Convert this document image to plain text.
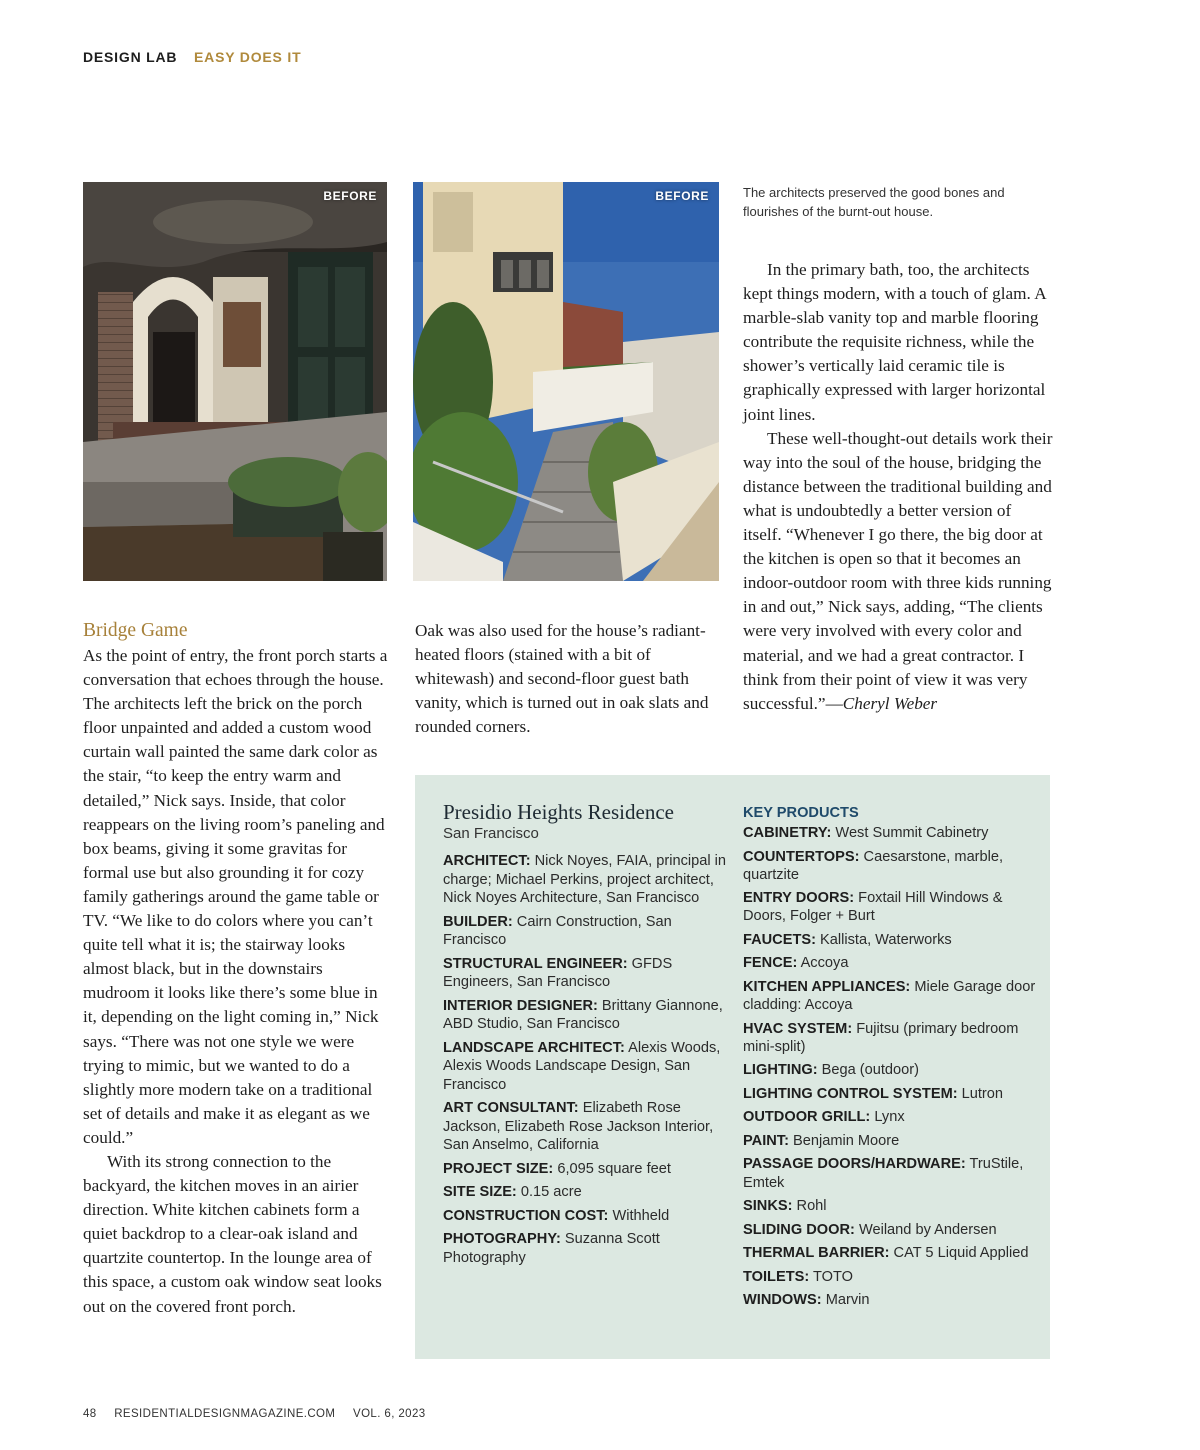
DESIGN LAB EASY DOES IT
BEFORE	BEFORE	The architects preserved the good bones and flourishes of the burnt-out house.
Bridge Game

As the point of entry, the front porch starts a conversation that echoes through the house. The architects left the brick on the porch floor unpainted and added a custom wood curtain wall painted the same dark color as the stair, “to keep the entry warm and detailed,” Nick says. Inside, that color reappears on the living room’s paneling and box beams, giving it some gravitas for formal use but also grounding it for cozy family gatherings around the game table or TV. “We like to do colors where you can’t quite tell what it is; the stairway looks almost black, but in the downstairs mudroom it looks like there’s some blue in it, depending on the light coming in,” Nick says. “There was not one style we were trying to mimic, but we wanted to do a slightly more modern take on a traditional set of details and make it as elegant as we could.”

With its strong connection to the backyard, the kitchen moves in an airier direction. White kitchen cabinets form a quiet backdrop to a clear-oak island and quartzite countertop. In the lounge area of this space, a custom oak window seat looks out on the covered front porch.

Oak was also used for the house’s radiant-heated floors (stained with a bit of whitewash) and second-floor guest bath vanity, which is turned out in oak slats and rounded corners.

In the primary bath, too, the architects kept things modern, with a touch of glam. A marble-slab vanity top and marble flooring contribute the requisite richness, while the shower’s vertically laid ceramic tile is graphically expressed with larger horizontal joint lines.

These well-thought-out details work their way into the soul of the house, bridging the distance between the traditional building and what is undoubtedly a better version of itself. “Whenever I go there, the big door at the kitchen is open so that it becomes an indoor-outdoor room with three kids running in and out,” Nick says, adding, “The clients were very involved with every color and material, and we had a great contractor. I think from their point of view it was very successful.”—Cheryl Weber

Presidio Heights Residence
San Francisco
ARCHITECT: Nick Noyes, FAIA, principal in charge; Michael Perkins, project architect, Nick Noyes Architecture, San Francisco
BUILDER: Cairn Construction, San Francisco
STRUCTURAL ENGINEER: GFDS Engineers, San Francisco
INTERIOR DESIGNER: Brittany Giannone, ABD Studio, San Francisco
LANDSCAPE ARCHITECT: Alexis Woods, Alexis Woods Landscape Design, San Francisco
ART CONSULTANT: Elizabeth Rose Jackson, Elizabeth Rose Jackson Interior, San Anselmo, California
PROJECT SIZE: 6,095 square feet
SITE SIZE: 0.15 acre
CONSTRUCTION COST: Withheld
PHOTOGRAPHY: Suzanna Scott Photography
KEY PRODUCTS
CABINETRY: West Summit Cabinetry
COUNTERTOPS: Caesarstone, marble, quartzite
ENTRY DOORS: Foxtail Hill Windows & Doors, Folger + Burt
FAUCETS: Kallista, Waterworks
FENCE: Accoya
KITCHEN APPLIANCES: Miele Garage door cladding: Accoya
HVAC SYSTEM: Fujitsu (primary bedroom mini-split)
LIGHTING: Bega (outdoor)
LIGHTING CONTROL SYSTEM: Lutron
OUTDOOR GRILL: Lynx
PAINT: Benjamin Moore
PASSAGE DOORS/HARDWARE: TruStile, Emtek
SINKS: Rohl
SLIDING DOOR: Weiland by Andersen
THERMAL BARRIER: CAT 5 Liquid Applied
TOILETS: TOTO
WINDOWS: Marvin
48 RESIDENTIALDESIGNMAGAZINE.COM VOL. 6, 2023
